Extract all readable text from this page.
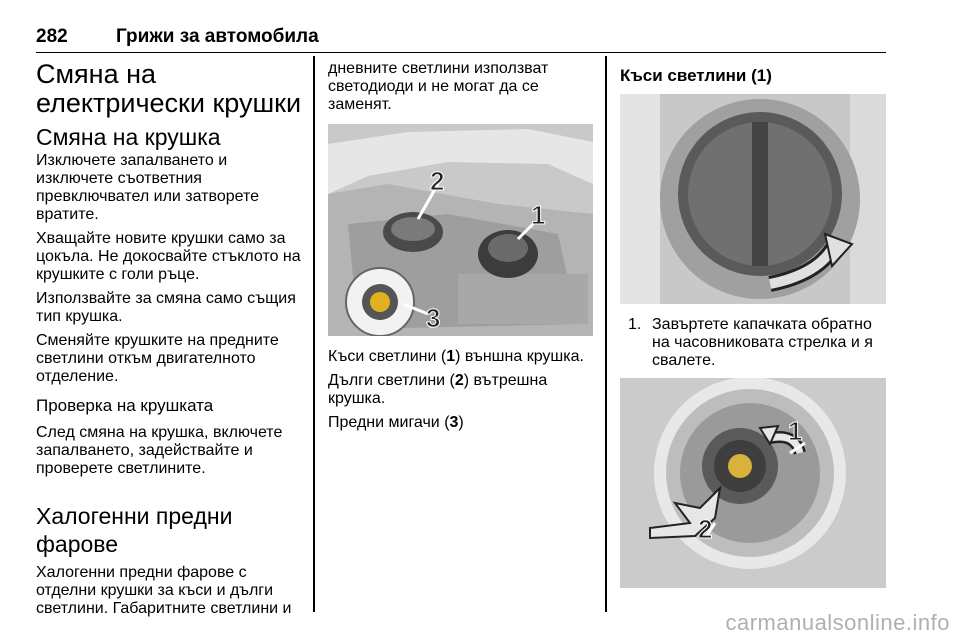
282	Грижи за автомобила
Смяна на електрически крушки
Смяна на крушка

Изключете запалването и изключете съответния превключвател или затворете вратите.

Хващайте новите крушки само за цокъла. Не докосвайте стъклото на крушките с голи ръце.

Използвайте за смяна само същия тип крушка.

Сменяйте крушките на предните светлини откъм двигателното отделение.

Проверка на крушката

След смяна на крушка, включете запалването, задействайте и проверете светлините.

Халогенни предни фарове

Халогенни предни фарове с отделни крушки за къси и дълги светлини. Габаритните светлини и

дневните светлини използват светодиоди и не могат да се заменят.

2
1
3

Къси светлини (1) външна крушка.

Дълги светлини (2) вътрешна крушка.

Предни мигачи (3)

Къси светлини (1)
1. Завъртете капачката обратно на часовниковата стрелка и я свалете.
1
2
carmanualsonline.info
